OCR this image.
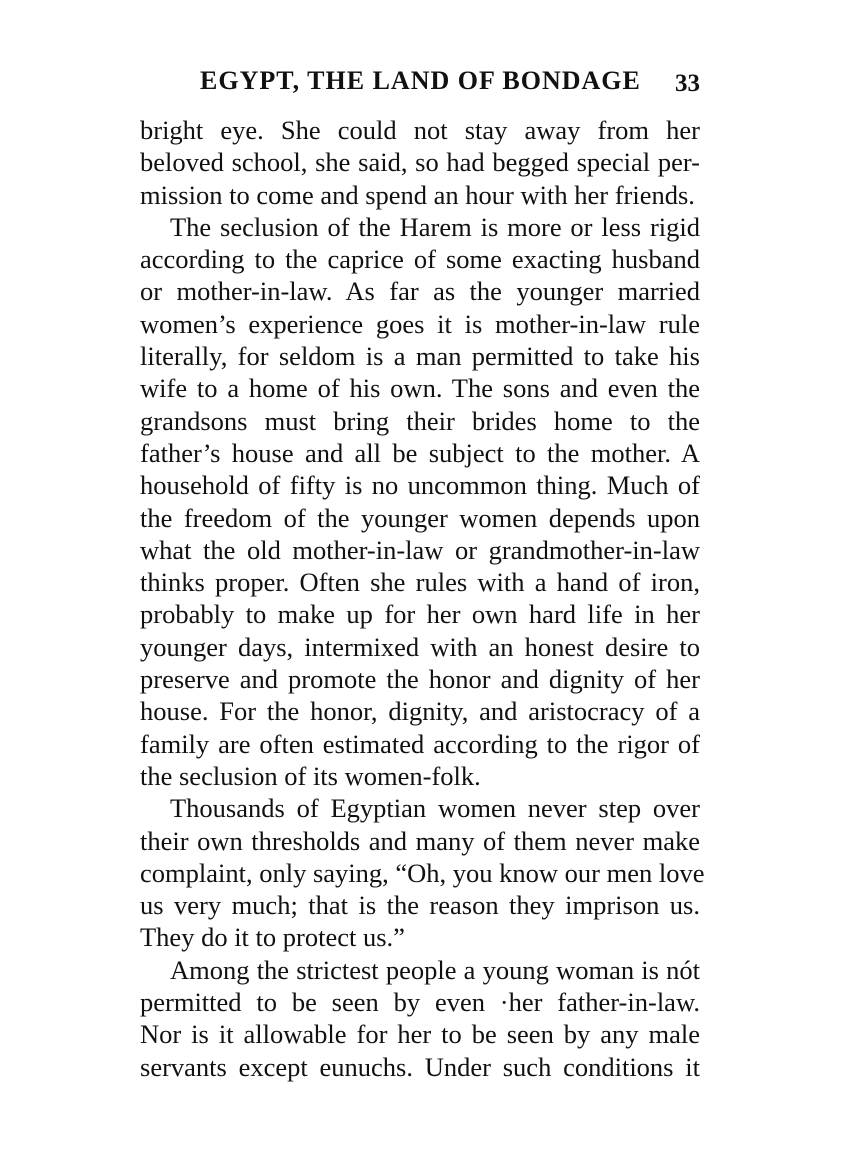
EGYPT, THE LAND OF BONDAGE 33
bright eye. She could not stay away from her
beloved school, she said, so had begged special per-
mission to come and spend an hour with her friends.
The seclusion of the Harem is more or less rigid
according to the caprice of some exacting husband
or mother-in-law. As far as the younger married
women’s experience goes it is mother-in-law rule
literally, for seldom is a man permitted to take his
wife to a home of his own. The sons and even the
grandsons must bring their brides home to the
father’s house and all be subject to the mother. A
household of fifty is no uncommon thing. Much of
the freedom of the younger women depends upon
what the old mother-in-law or grandmother-in-law
thinks proper. Often she rules with a hand of iron,
probably to make up for her own hard life in her
younger days, intermixed with an honest desire to
preserve and promote the honor and dignity of her
house. For the honor, dignity, and aristocracy of a
family are often estimated according to the rigor of
the seclusion of its women-folk.
Thousands of Egyptian women never step over
their own thresholds and many of them never make
complaint, only saying, “Oh, you know our men love
us very much; that is the reason they imprison us.
They do it to protect us.”
Among the strictest people a young woman is nót
permitted to be seen by even ·her father-in-law.
Nor is it allowable for her to be seen by any male
servants except eunuchs. Under such conditions it
